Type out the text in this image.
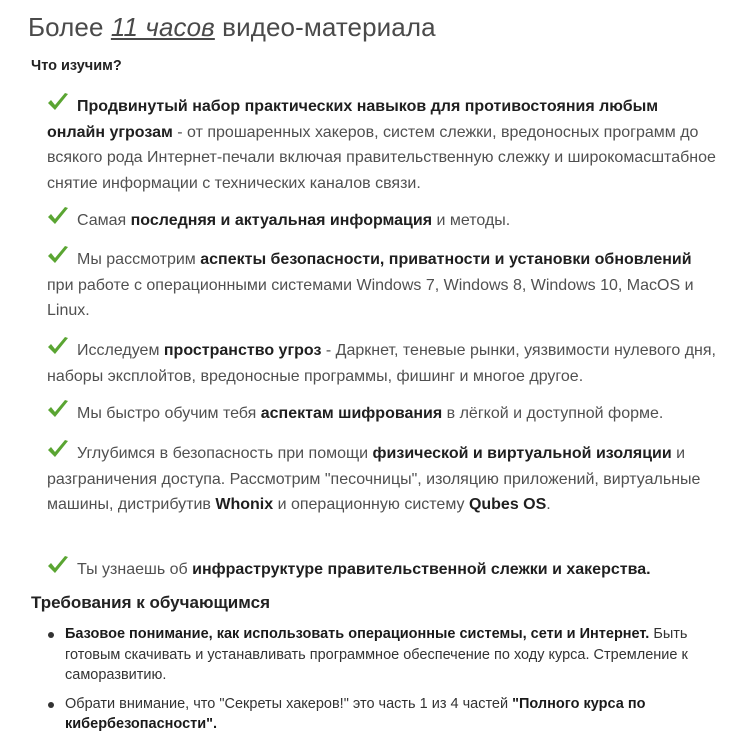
Более 11 часов видео-материала
Что изучим?
Продвинутый набор практических навыков для противостояния любым онлайн угрозам - от прошаренных хакеров, систем слежки, вредоносных программ до всякого рода Интернет-печали включая правительственную слежку и широкомасштабное снятие информации с технических каналов связи.
Самая последняя и актуальная информация и методы.
Мы рассмотрим аспекты безопасности, приватности и установки обновлений при работе с операционными системами Windows 7, Windows 8, Windows 10, MacOS и Linux.
Исследуем пространство угроз - Даркнет, теневые рынки, уязвимости нулевого дня, наборы эксплойтов, вредоносные программы, фишинг и многое другое.
Мы быстро обучим тебя аспектам шифрования в лёгкой и доступной форме.
Углубимся в безопасность при помощи физической и виртуальной изоляции и разграничения доступа. Рассмотрим "песочницы", изоляцию приложений, виртуальные машины, дистрибутив Whonix и операционную систему Qubes OS.
Ты узнаешь об инфраструктуре правительственной слежки и хакерства.
Требования к обучающимся
Базовое понимание, как использовать операционные системы, сети и Интернет. Быть готовым скачивать и устанавливать программное обеспечение по ходу курса. Стремление к саморазвитию.
Обрати внимание, что "Секреты хакеров!" это часть 1 из 4 частей "Полного курса по кибербезопасности".
